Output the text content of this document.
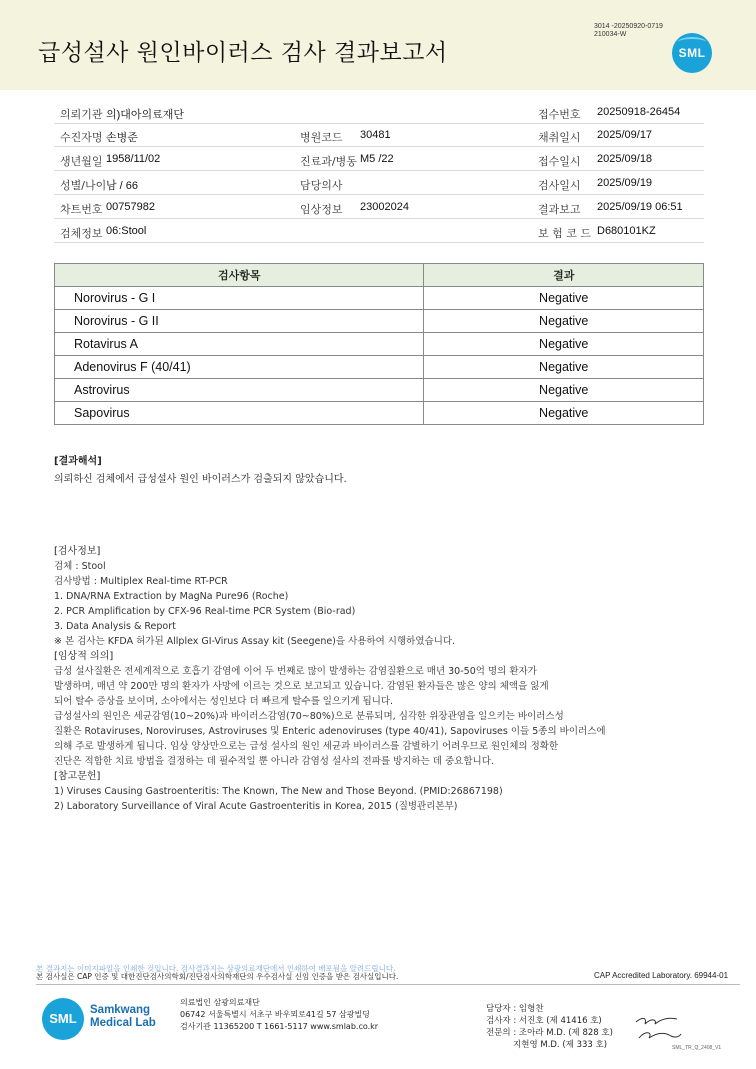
급성설사 원인바이러스 검사 결과보고서
3014 -20250920-0719
210034-W
SML
의뢰기관 의)대아의료재단	접수번호 20250918-26454
수진자명 손병준	병원코드 30481	채취일시 2025/09/17
생년월일 1958/11/02	진료과/병동 M5 /22	접수일시 2025/09/18
성별/나이 남 / 66	담당의사	검사일시 2025/09/19
차트번호 00757982	임상정보 23002024	결과보고 2025/09/19 06:51
검체정보 06:Stool	보 험 코 드 D680101KZ
검사항목	결과
Norovirus - G I	Negative
Norovirus - G II	Negative
Rotavirus A	Negative
Adenovirus F (40/41)	Negative
Astrovirus	Negative
Sapovirus	Negative
[결과해석]
의뢰하신 검체에서 급성설사 원인 바이러스가 검출되지 않았습니다.
[검사정보]
검체 : Stool
검사방법 : Multiplex Real-time RT-PCR
1. DNA/RNA Extraction by MagNa Pure96 (Roche)
2. PCR Amplification by CFX-96 Real-time PCR System (Bio-rad)
3. Data Analysis & Report
※ 본 검사는 KFDA 허가된 Allplex GI-Virus Assay kit (Seegene)을 사용하여 시행하였습니다.
[임상적 의의]
급성 설사질환은 전세계적으로 호흡기 감염에 이어 두 번째로 많이 발생하는 감염질환으로 매년 30-50억 명의 환자가
발생하며, 매년 약 200만 명의 환자가 사망에 이르는 것으로 보고되고 있습니다. 감염된 환자들은 많은 양의 체액을 잃게
되어 탈수 증상을 보이며, 소아에서는 성인보다 더 빠르게 탈수를 일으키게 됩니다.
급성설사의 원인은 세균감염(10~20%)과 바이러스감염(70~80%)으로 분류되며, 심각한 위장관염을 일으키는 바이러스성
질환은 Rotaviruses, Noroviruses, Astroviruses 및 Enteric adenoviruses (type 40/41), Sapoviruses 이들 5종의 바이러스에
의해 주로 발생하게 됩니다. 임상 양상만으로는 급성 설사의 원인 세균과 바이러스를 감별하기 어려우므로 원인체의 정확한
진단은 적합한 치료 방법을 결정하는 데 필수적일 뿐 아니라 감염성 설사의 전파를 방지하는 데 중요합니다.
[참고문헌]
1) Viruses Causing Gastroenteritis: The Known, The New and Those Beyond. (PMID:26867198)
2) Laboratory Surveillance of Viral Acute Gastroenteritis in Korea, 2015 (질병관리본부)
본 결과지는 이미지파일을 인쇄한 것입니다. 검사결과지는 삼광의료재단에서 인쇄하여 배포됨을 알려드립니다.
본 검사실은 CAP 인증 및 대한진단검사의학회/진단검사의학재단의 우수검사실 신임 인증을 받은 검사실입니다.	CAP Accredited Laboratory. 69944-01
SML
Samkwang
Medical Lab
의료법인 삼광의료재단
06742 서울특별시 서초구 바우뫼로41길 57 삼광빌딩
검사기관 11365200 T 1661-5117 www.smlab.co.kr
담당자 : 임형찬
검사자 : 서진호 (제 41416 호)
전문의 : 조아라 M.D. (제 828 호)
지현영 M.D. (제 333 호)	SML_TR_Q_2408_V1
